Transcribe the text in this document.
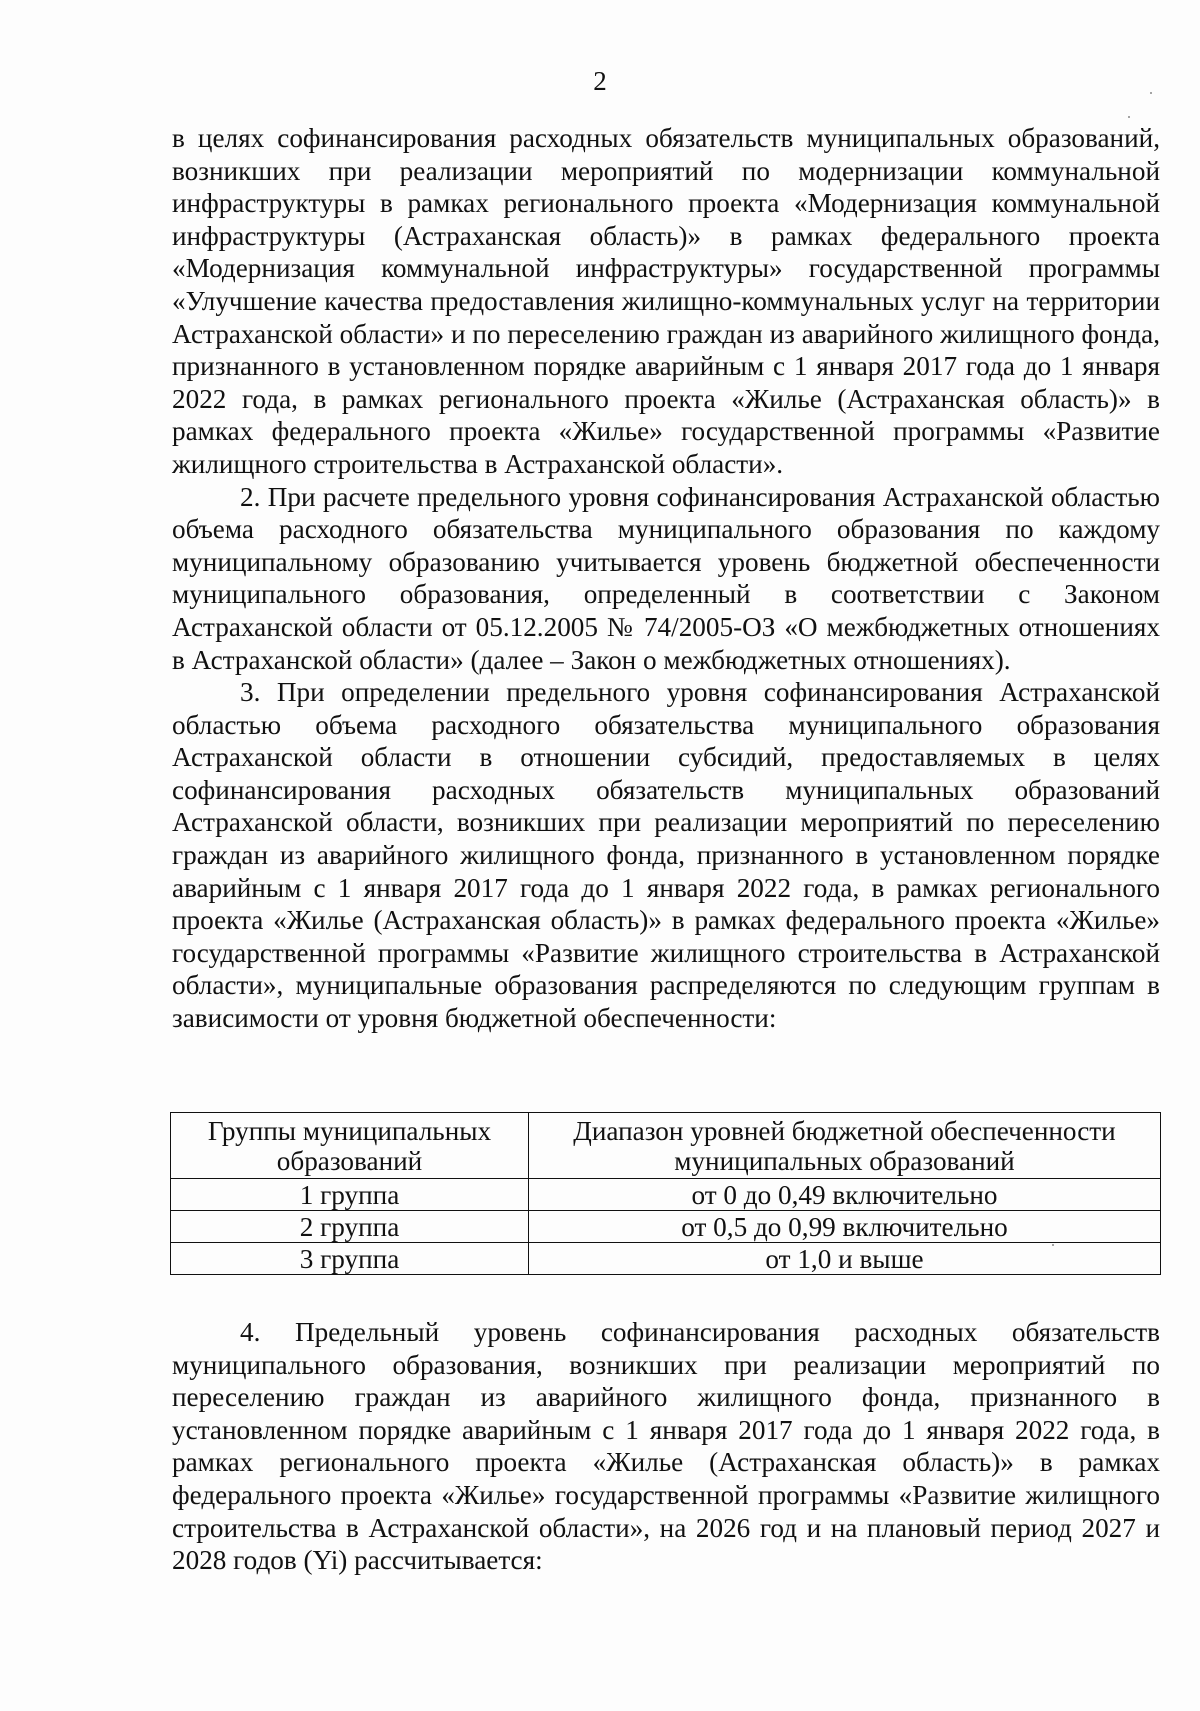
2

в целях софинансирования расходных обязательств муниципальных образований, возникших при реализации мероприятий по модернизации коммунальной инфраструктуры в рамках регионального проекта «Модернизация коммунальной инфраструктуры (Астраханская область)» в рамках федерального проекта «Модернизация коммунальной инфраструктуры» государственной программы «Улучшение качества предоставления жилищно-коммунальных услуг на территории Астраханской области» и по переселению граждан из аварийного жилищного фонда, признанного в установленном порядке аварийным с 1 января 2017 года до 1 января 2022 года, в рамках регионального проекта «Жилье (Астраханская область)» в рамках федерального проекта «Жилье» государственной программы «Развитие жилищного строительства в Астраханской области».

2. При расчете предельного уровня софинансирования Астраханской областью объема расходного обязательства муниципального образования по каждому муниципальному образованию учитывается уровень бюджетной обеспеченности муниципального образования, определенный в соответствии с Законом Астраханской области от 05.12.2005 № 74/2005-ОЗ «О межбюджетных отношениях в Астраханской области» (далее – Закон о межбюджетных отношениях).

3. При определении предельного уровня софинансирования Астраханской областью объема расходного обязательства муниципального образования Астраханской области в отношении субсидий, предоставляемых в целях софинансирования расходных обязательств муниципальных образований Астраханской области, возникших при реализации мероприятий по переселению граждан из аварийного жилищного фонда, признанного в установленном порядке аварийным с 1 января 2017 года до 1 января 2022 года, в рамках регионального проекта «Жилье (Астраханская область)» в рамках федерального проекта «Жилье» государственной программы «Развитие жилищного строительства в Астраханской области», муниципальные образования распределяются по следующим группам в зависимости от уровня бюджетной обеспеченности:

Группы муниципальных образований	Диапазон уровней бюджетной обеспеченности муниципальных образований
1 группа	от 0 до 0,49 включительно
2 группа	от 0,5 до 0,99 включительно
3 группа	от 1,0 и выше

4. Предельный уровень софинансирования расходных обязательств муниципального образования, возникших при реализации мероприятий по переселению граждан из аварийного жилищного фонда, признанного в установленном порядке аварийным с 1 января 2017 года до 1 января 2022 года, в рамках регионального проекта «Жилье (Астраханская область)» в рамках федерального проекта «Жилье» государственной программы «Развитие жилищного строительства в Астраханской области», на 2026 год и на плановый период 2027 и 2028 годов (Yi) рассчитывается:
